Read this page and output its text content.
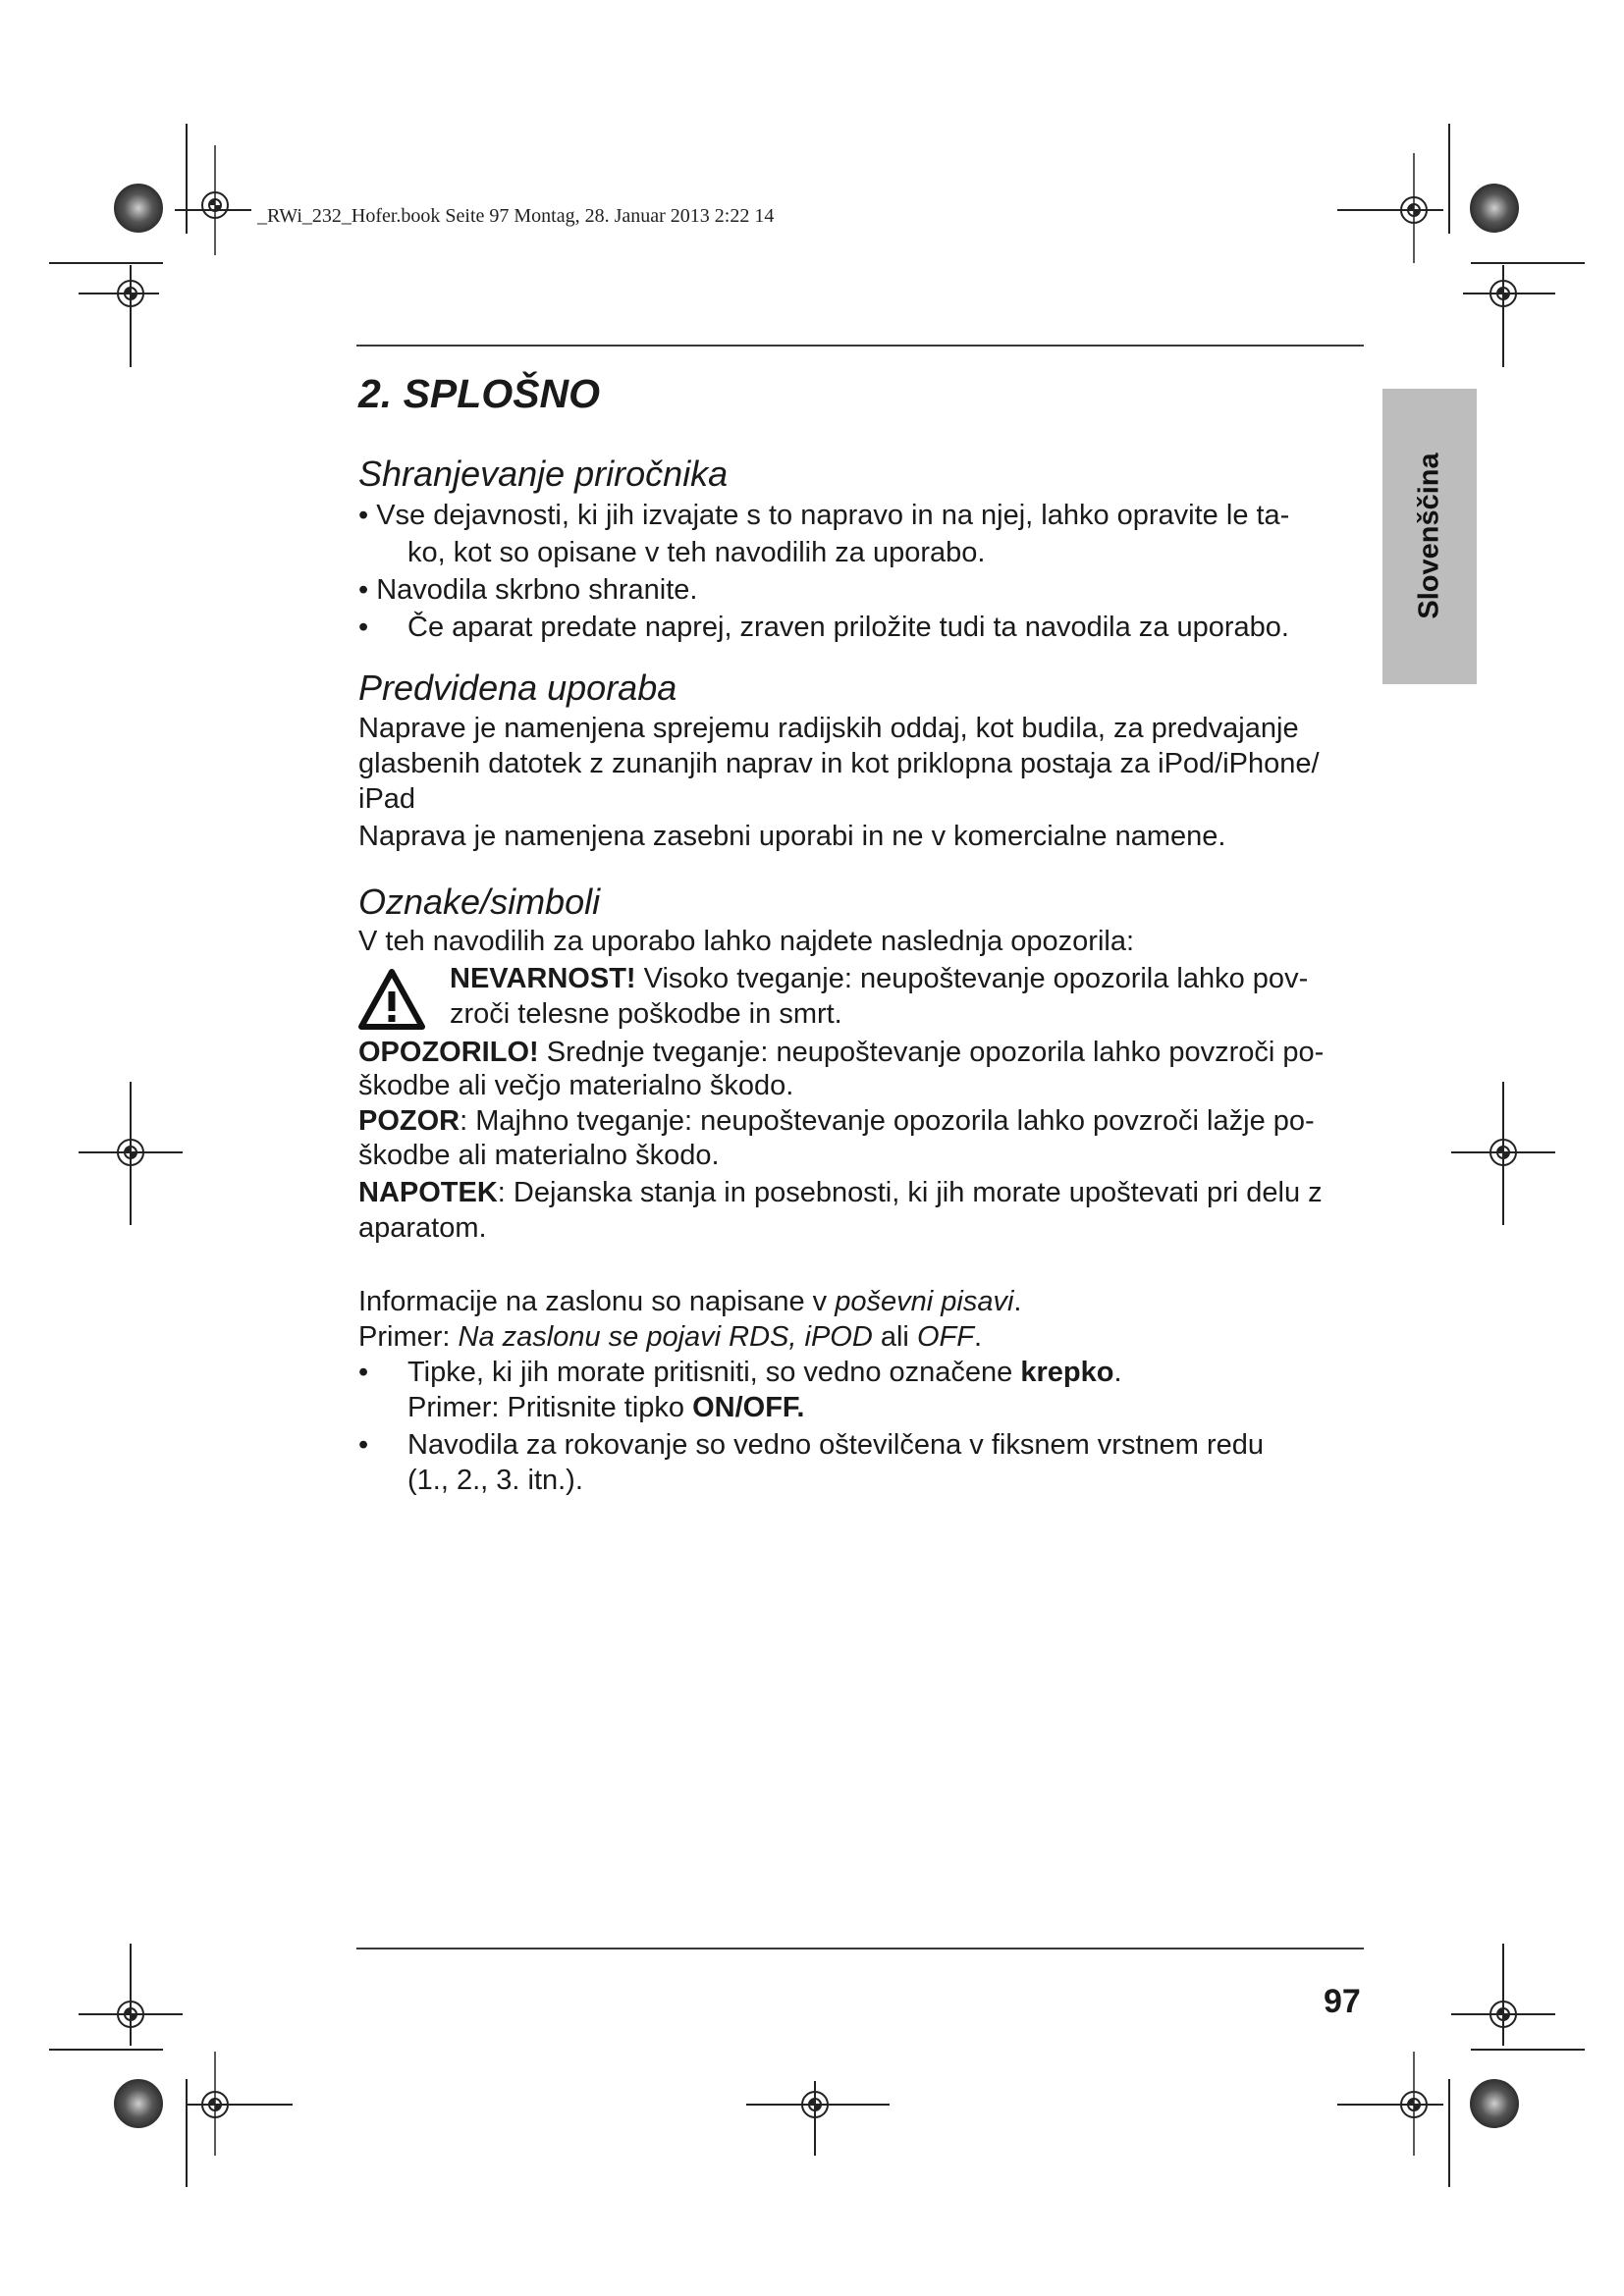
_RWi_232_Hofer.book Seite 97 Montag, 28. Januar 2013 2:22 14
2. SPLOŠNO
Slovenščina
Shranjevanje priročnika
• Vse dejavnosti, ki jih izvajate s to napravo in na njej, lahko opravite le ta-
ko, kot so opisane v teh navodilih za uporabo.
• Navodila skrbno shranite.
• Če aparat predate naprej, zraven priložite tudi ta navodila za uporabo.
Predvidena uporaba
Naprave je namenjena sprejemu radijskih oddaj, kot budila, za predvajanje
glasbenih datotek z zunanjih naprav in kot priklopna postaja za iPod/iPhone/
iPad
Naprava je namenjena zasebni uporabi in ne v komercialne namene.
Oznake/simboli
V teh navodilih za uporabo lahko najdete naslednja opozorila:
NEVARNOST! Visoko tveganje: neupoštevanje opozorila lahko pov-
zroči telesne poškodbe in smrt.
OPOZORILO! Srednje tveganje: neupoštevanje opozorila lahko povzroči po-
škodbe ali večjo materialno škodo.
POZOR: Majhno tveganje: neupoštevanje opozorila lahko povzroči lažje po-
škodbe ali materialno škodo.
NAPOTEK: Dejanska stanja in posebnosti, ki jih morate upoštevati pri delu z
aparatom.
Informacije na zaslonu so napisane v poševni pisavi.
Primer: Na zaslonu se pojavi RDS, iPOD ali OFF.
• Tipke, ki jih morate pritisniti, so vedno označene krepko.
Primer: Pritisnite tipko ON/OFF.
• Navodila za rokovanje so vedno oštevilčena v fiksnem vrstnem redu
(1., 2., 3. itn.).
97
